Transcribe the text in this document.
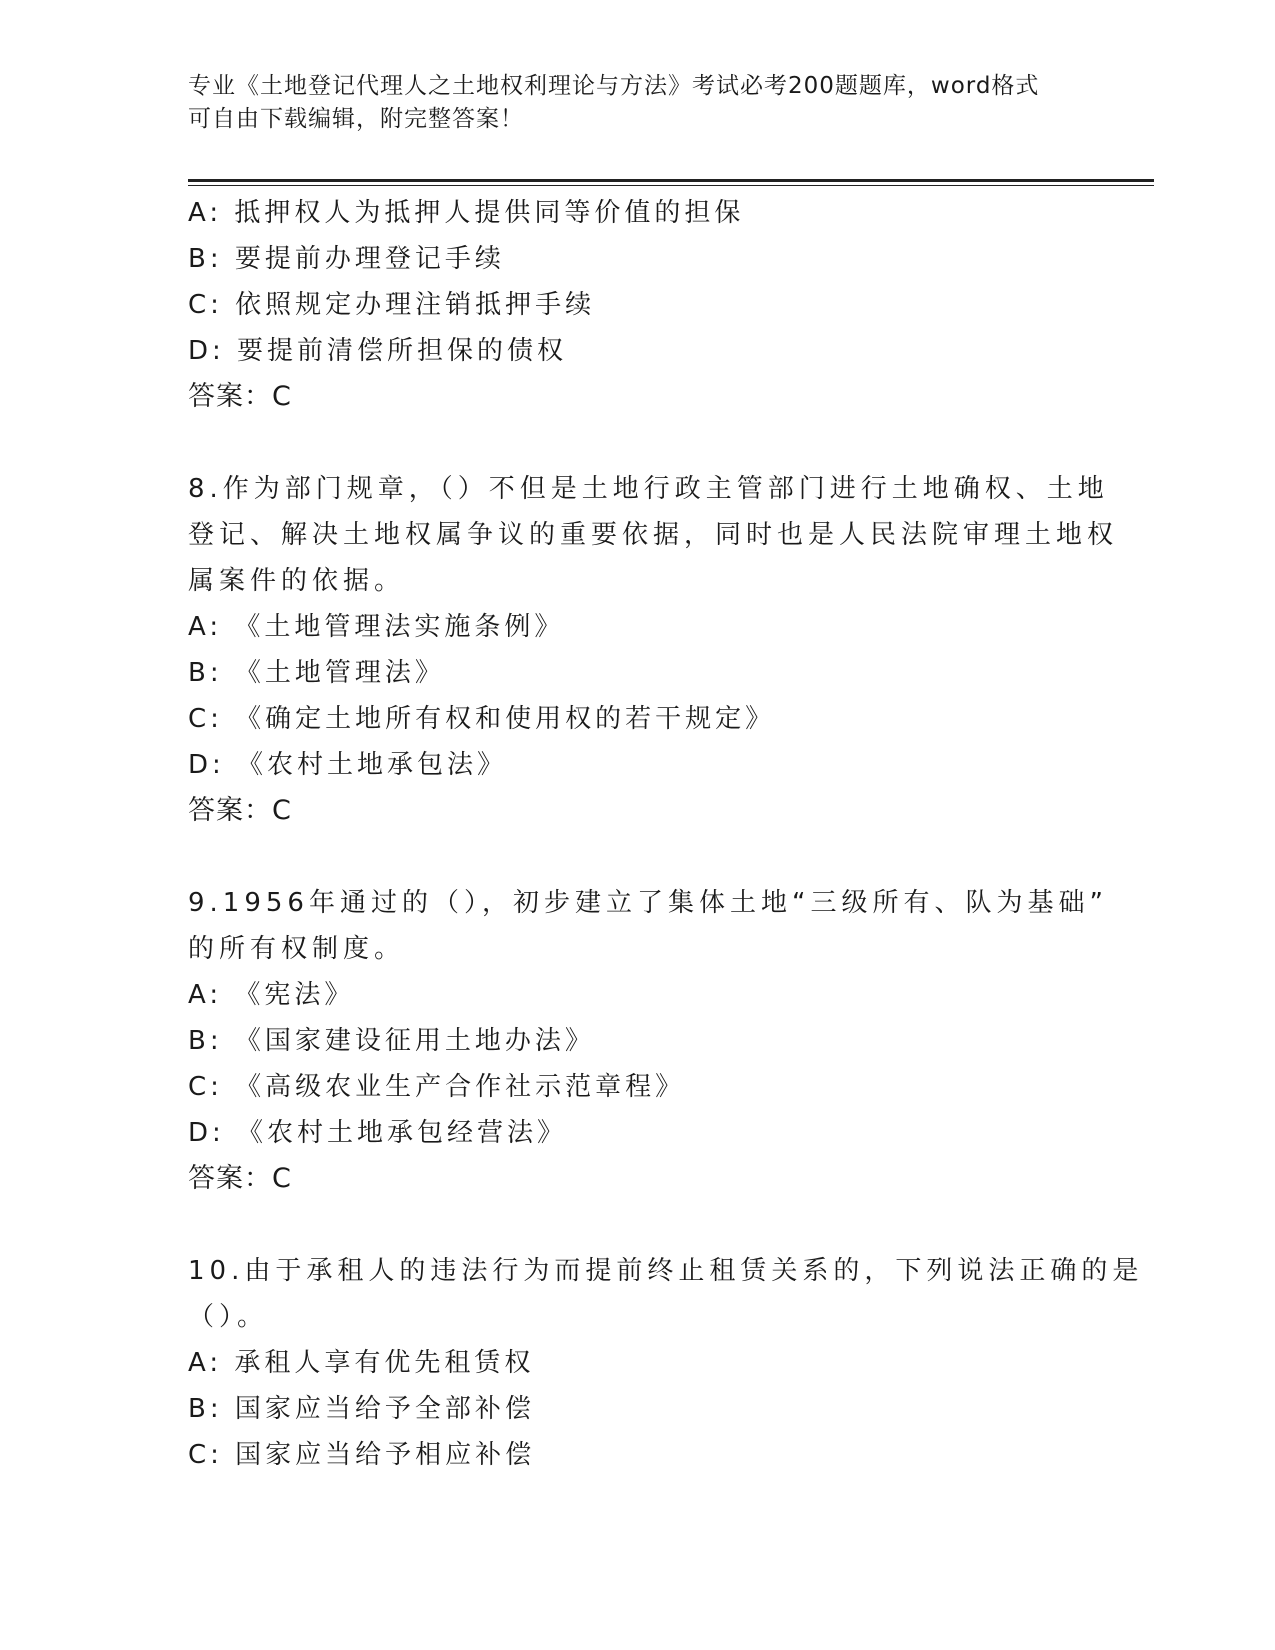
专业《土地登记代理人之土地权利理论与方法》考试必考200题题库，word格式
可自由下载编辑，附完整答案！
A: 抵押权人为抵押人提供同等价值的担保
B: 要提前办理登记手续
C: 依照规定办理注销抵押手续
D: 要提前清偿所担保的债权
答案：C
8.作为部门规章，（）不但是土地行政主管部门进行土地确权、土地
登记、解决土地权属争议的重要依据，同时也是人民法院审理土地权
属案件的依据。
A: 《土地管理法实施条例》
B: 《土地管理法》
C: 《确定土地所有权和使用权的若干规定》
D: 《农村土地承包法》
答案：C
9.1956年通过的（），初步建立了集体土地“三级所有、队为基础”
的所有权制度。
A: 《宪法》
B: 《国家建设征用土地办法》
C: 《高级农业生产合作社示范章程》
D: 《农村土地承包经营法》
答案：C
10.由于承租人的违法行为而提前终止租赁关系的，下列说法正确的是
（）。
A: 承租人享有优先租赁权
B: 国家应当给予全部补偿
C: 国家应当给予相应补偿
